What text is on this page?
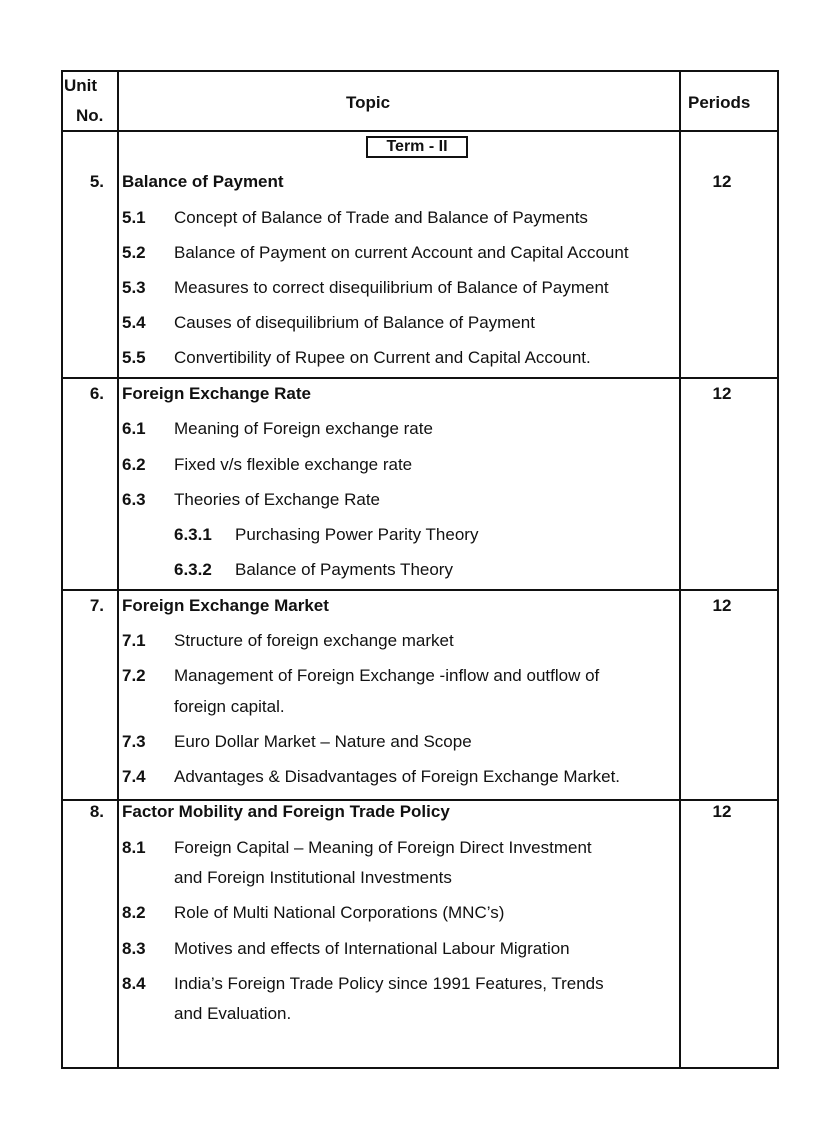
Unit
No.
Topic	Periods
Term - II
5. Balance of Payment	12
5.1 Concept of Balance of Trade and Balance of Payments
5.2 Balance of Payment on current Account and Capital Account
5.3 Measures to correct disequilibrium of Balance of Payment
5.4 Causes of disequilibrium of Balance of Payment
5.5 Convertibility of Rupee on Current and Capital Account.
6. Foreign Exchange Rate	12
6.1 Meaning of Foreign exchange rate
6.2 Fixed v/s flexible exchange rate
6.3 Theories of Exchange Rate
6.3.1 Purchasing Power Parity Theory
6.3.2 Balance of Payments Theory
7. Foreign Exchange Market	12
7.1 Structure of foreign exchange market
7.2 Management of Foreign Exchange -inflow and outflow of
foreign capital.
7.3 Euro Dollar Market – Nature and Scope
7.4 Advantages & Disadvantages of Foreign Exchange Market.
8. Factor Mobility and Foreign Trade Policy	12
8.1 Foreign Capital – Meaning of Foreign Direct Investment
and Foreign Institutional Investments
8.2 Role of Multi National Corporations (MNC’s)
8.3 Motives and effects of International Labour Migration
8.4 India’s Foreign Trade Policy since 1991 Features, Trends
and Evaluation.
